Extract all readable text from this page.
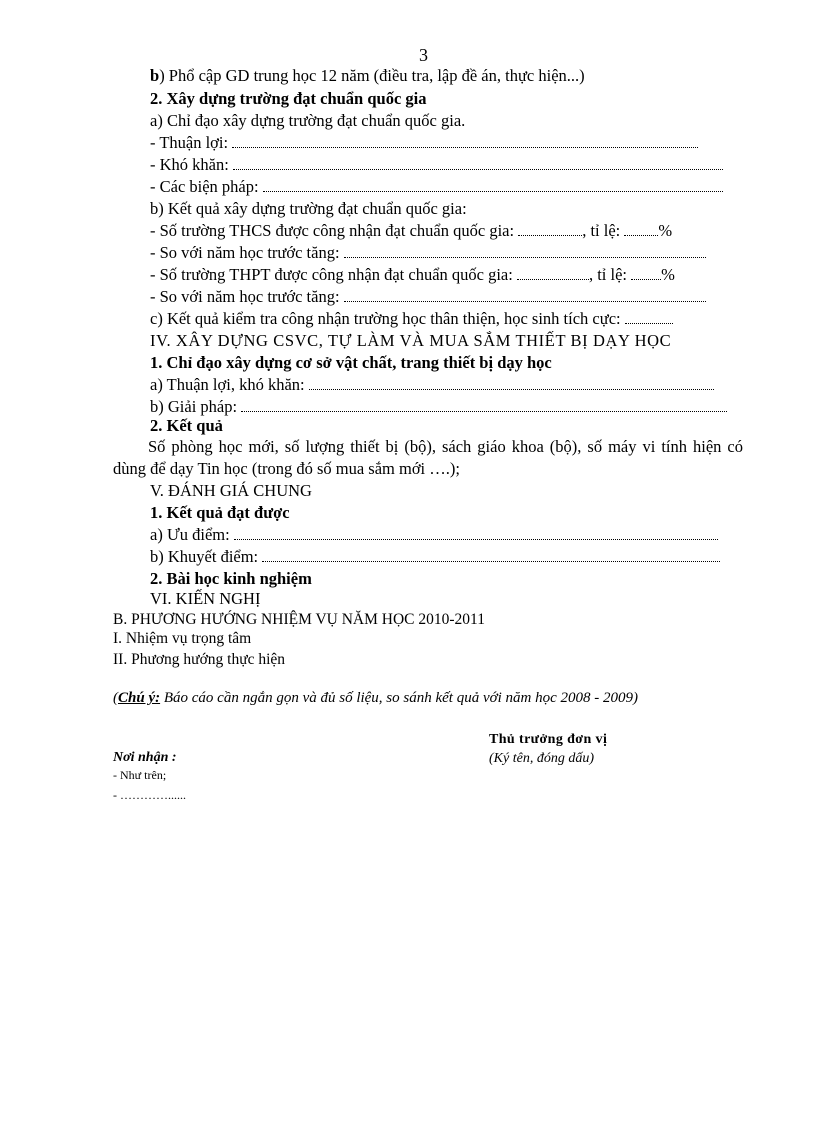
3
b) Phổ cập GD trung học 12 năm (điều tra, lập đề án, thực hiện...)
2. Xây dựng trường đạt chuẩn quốc gia
a) Chỉ đạo xây dựng trường đạt chuẩn quốc gia.
- Thuận lợi:
- Khó khăn:
- Các biện pháp:
b) Kết quả xây dựng trường đạt chuẩn quốc gia:
- Số trường THCS được công nhận đạt chuẩn quốc gia:	, tỉ lệ: %
- So với năm học trước tăng:
- Số trường THPT được công nhận đạt chuẩn quốc gia:	, tỉ lệ: %
- So với năm học trước tăng:
c) Kết quả kiểm tra công nhận trường học thân thiện, học sinh tích cực:
IV. XÂY DỰNG CSVC, TỰ LÀM VÀ MUA SẮM THIẾT BỊ DẠY HỌC
1. Chỉ đạo xây dựng cơ sở vật chất, trang thiết bị dạy học
a) Thuận lợi, khó khăn:
b) Giải pháp:
2. Kết quả
Số phòng học mới, số lượng thiết bị (bộ), sách giáo khoa (bộ), số máy vi tính hiện có dùng để dạy Tin học (trong đó số mua sắm mới ….);
V. ĐÁNH GIÁ CHUNG
1. Kết quả đạt được
a) Ưu điểm:
b) Khuyết điểm:
2. Bài học kinh nghiệm
VI. KIẾN NGHỊ
B. PHƯƠNG HƯỚNG NHIỆM VỤ NĂM HỌC 2010-2011
I. Nhiệm vụ trọng tâm
II. Phương hướng thực hiện
(Chú ý: Báo cáo cần ngắn gọn và đủ số liệu, so sánh kết quả với năm học 2008 - 2009)
Thủ trưởng đơn vị
(Ký tên, đóng dấu)
Nơi nhận :
- Như trên;
- …………......
